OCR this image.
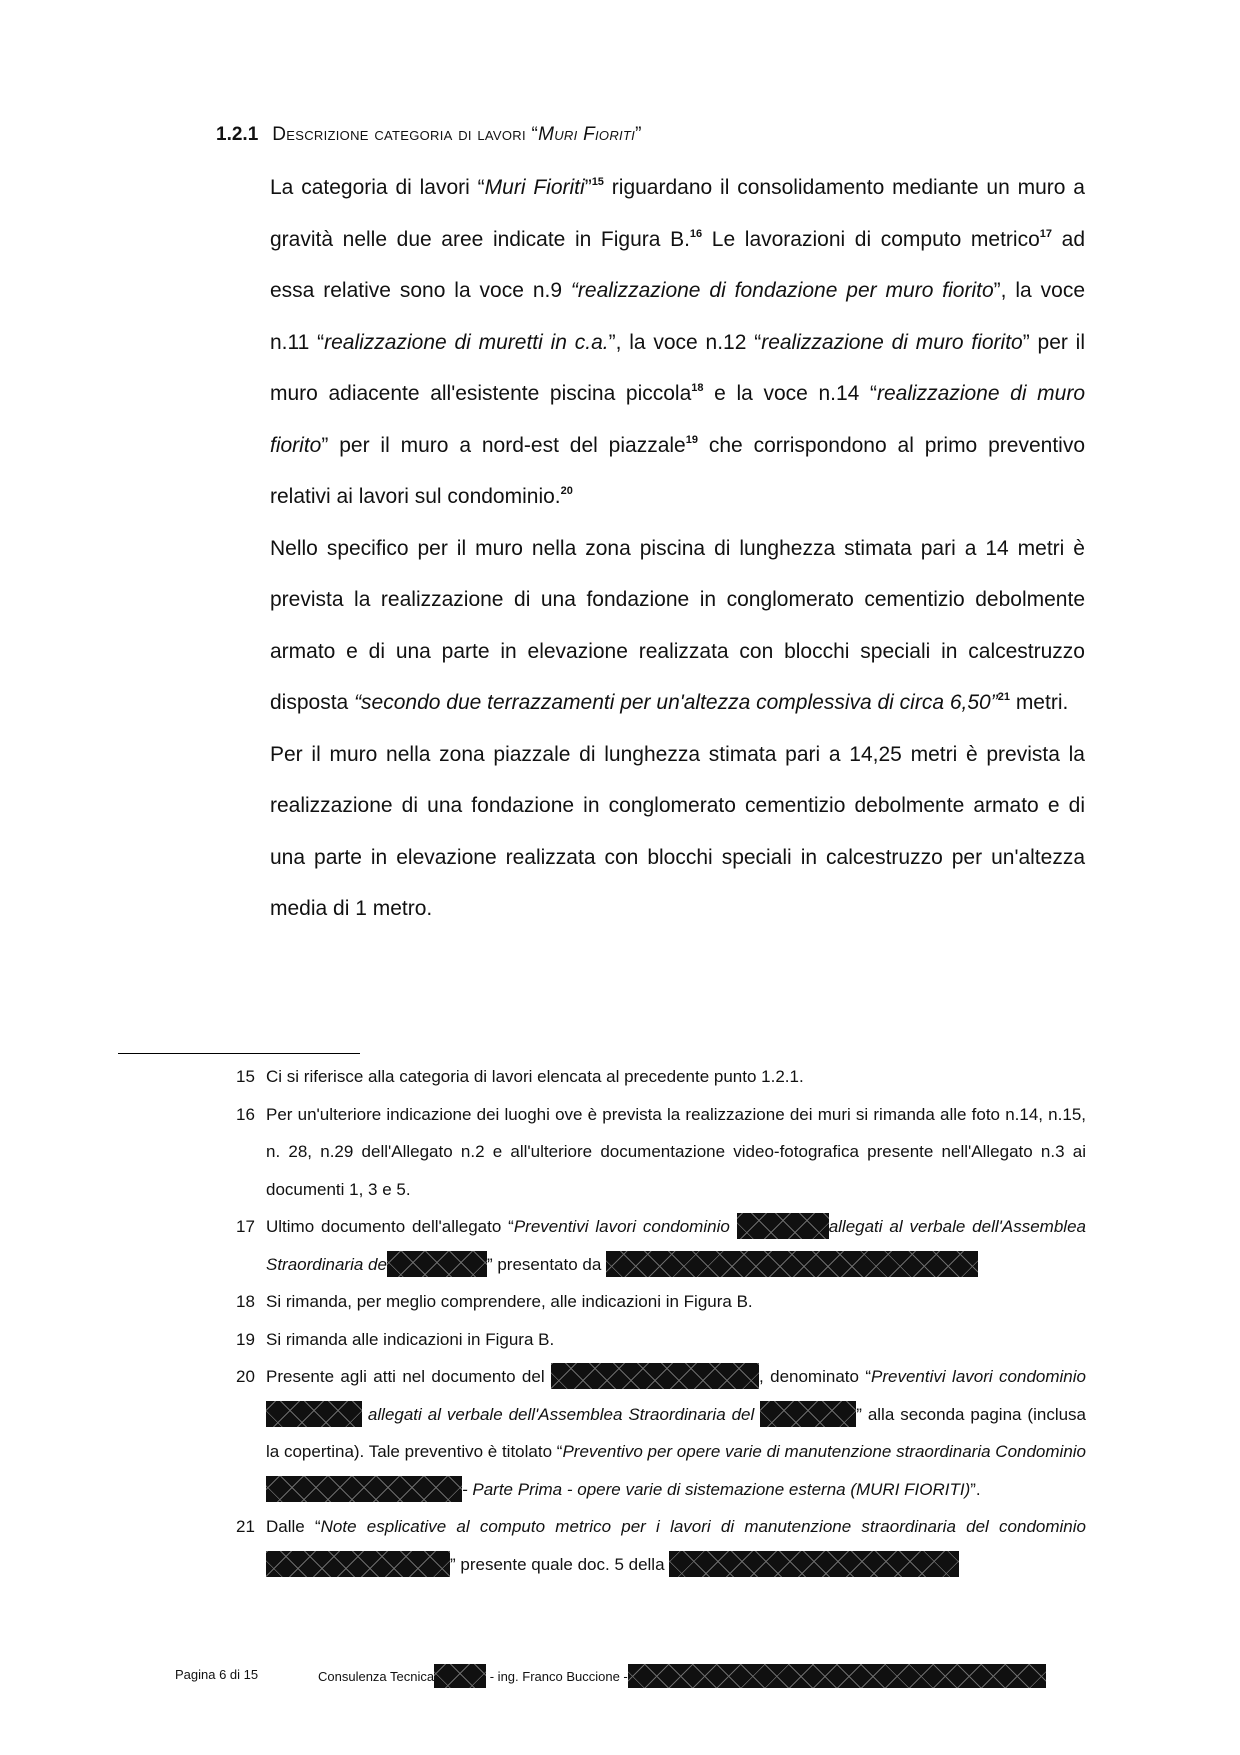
1.2.1 Descrizione categoria di lavori “Muri Fioriti”

La categoria di lavori “Muri Fioriti”$^{15}$ riguardano il consolidamento mediante un muro a gravità nelle due aree indicate in Figura B.$^{16}$ Le lavorazioni di computo metrico$^{17}$ ad essa relative sono la voce n.9 “realizzazione di fondazione per muro fiorito”, la voce n.11 “realizzazione di muretti in c.a.”, la voce n.12 “realizzazione di muro fiorito” per il muro adiacente all'esistente piscina piccola$^{18}$ e la voce n.14 “realizzazione di muro fiorito” per il muro a nord-est del piazzale$^{19}$ che corrispondono al primo preventivo relativi ai lavori sul condominio.$^{20}$

Nello specifico per il muro nella zona piscina di lunghezza stimata pari a 14 metri è prevista la realizzazione di una fondazione in conglomerato cementizio debolmente armato e di una parte in elevazione realizzata con blocchi speciali in calcestruzzo disposta “secondo due terrazzamenti per un'altezza complessiva di circa 6,50”$^{21}$ metri.

Per il muro nella zona piazzale di lunghezza stimata pari a 14,25 metri è prevista la realizzazione di una fondazione in conglomerato cementizio debolmente armato e di una parte in elevazione realizzata con blocchi speciali in calcestruzzo per un'altezza media di 1 metro.

15 Ci si riferisce alla categoria di lavori elencata al precedente punto 1.2.1.
16 Per un'ulteriore indicazione dei luoghi ove è prevista la realizzazione dei muri si rimanda alle foto n.14, n.15, n. 28, n.29 dell'Allegato n.2 e all'ulteriore documentazione video-fotografica presente nell'Allegato n.3 ai documenti 1, 3 e 5.
17 Ultimo documento dell'allegato “Preventivi lavori condominio	allegati al verbale dell'Assemblea Straordinaria de	” presentato da
18 Si rimanda, per meglio comprendere, alle indicazioni in Figura B.
19 Si rimanda alle indicazioni in Figura B.
20 Presente agli atti nel documento del	, denominato “Preventivi lavori condominio  allegati al verbale dell'Assemblea Straordinaria del	” alla seconda pagina (inclusa la copertina). Tale preventivo è titolato “Preventivo per opere varie di manutenzione straordinaria Condominio - Parte Prima - opere varie di sistemazione esterna (MURI FIORITI)”.
21 Dalle “Note esplicative al computo metrico per i lavori di manutenzione straordinaria del condominio ” presente quale doc. 5 della
Pagina 6 di 15	Consulenza Tecnica	- ing. Franco Buccione -
